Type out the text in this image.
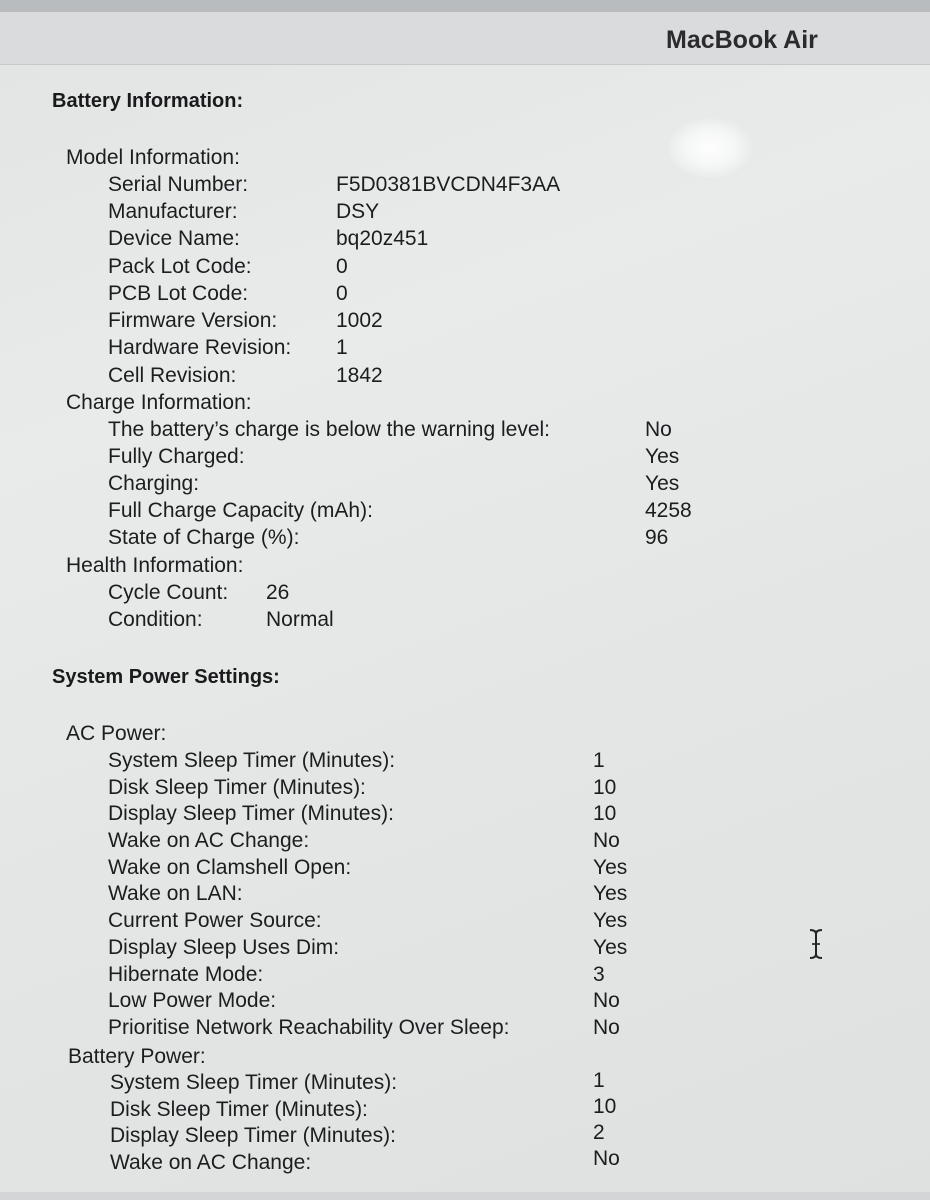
MacBook Air
Battery Information:
Model Information:
Serial Number:	F5D0381BVCDN4F3AA
Manufacturer:	DSY
Device Name:	bq20z451
Pack Lot Code:	0
PCB Lot Code:	0
Firmware Version:	1002
Hardware Revision: 1
Cell Revision:	1842
Charge Information:
The battery’s charge is below the warning level:	No
Fully Charged:	Yes
Charging:	Yes
Full Charge Capacity (mAh):	4258
State of Charge (%):	96
Health Information:
Cycle Count: 26
Condition:	Normal
System Power Settings:
AC Power:
System Sleep Timer (Minutes):	1
Disk Sleep Timer (Minutes):	10
Display Sleep Timer (Minutes):	10
Wake on AC Change:	No
Wake on Clamshell Open:	Yes
Wake on LAN:	Yes
Current Power Source:	Yes
Display Sleep Uses Dim:	Yes
Hibernate Mode:	3
Low Power Mode:	No
Prioritise Network Reachability Over Sleep:	No
Battery Power:
System Sleep Timer (Minutes):	1
Disk Sleep Timer (Minutes):	10
Display Sleep Timer (Minutes):	2
Wake on AC Change:	No
